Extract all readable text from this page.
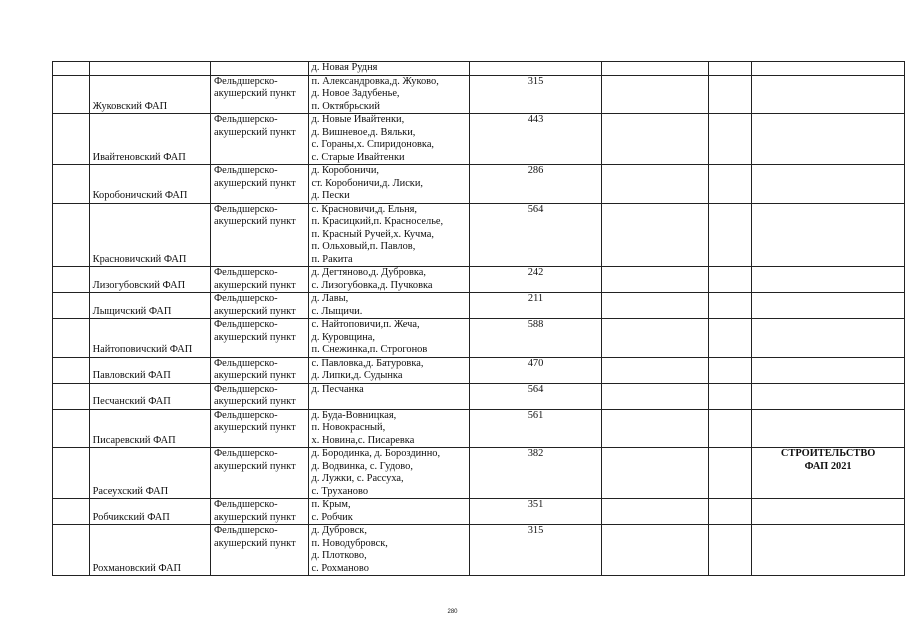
			д. Новая Рудня				

	Жуковский ФАП	Фельдшерско-
акушерский пункт	п. Александровка,д. Жуково,
д. Новое Задубенье,
п. Октябрьский	315			
	Ивайтеновский ФАП	Фельдшерско-
акушерский пункт	д. Новые Ивайтенки,
д. Вишневое,д. Вяльки,
с. Гораны,х. Спиридоновка,
с. Старые Ивайтенки	443			
	Коробоничский ФАП	Фельдшерско-
акушерский пункт	д. Коробоничи,
ст. Коробоничи,д. Лиски,
д. Пески	286			
	Красновичский ФАП	Фельдшерско-
акушерский пункт	с. Красновичи,д. Ельня,
п. Красицкий,п. Красноселье,
п. Красный Ручей,х. Кучма,
п. Ольховый,п. Павлов,
п. Ракита	564			
	Лизогубовский ФАП	Фельдшерско-
акушерский пункт	д. Дегтяново,д. Дубровка,
с. Лизогубовка,д. Пучковка	242			
	Лыщичский ФАП	Фельдшерско-
акушерский пункт	д. Лавы,
с. Лыщичи.	211			
	Найтоповичский ФАП	Фельдшерско-
акушерский пункт	с. Найтоповичи,п. Жеча,
д. Куровщина,
п. Снежинка,п. Строгонов	588			
	Павловский ФАП	Фельдшерско-
акушерский пункт	с. Павловка,д. Батуровка,
д. Липки,д. Судынка	470			
	Песчанский ФАП	Фельдшерско-
акушерский пункт	д. Песчанка	564			
	Писаревский ФАП	Фельдшерско-
акушерский пункт	д. Буда-Вовницкая,
п. Новокрасный,
х. Новина,с. Писаревка	561			
	Расеухский ФАП	Фельдшерско-
акушерский пункт	д. Бородинка, д. Бороздинно,
д. Водвинка, с. Гудово,
д. Лужки, с. Рассуха,
с. Труханово	382			СТРОИТЕЛЬСТВО
ФАП 2021

	Робчикский ФАП	Фельдшерско-
акушерский пункт	п. Крым,
с. Робчик	351			
	Рохмановский ФАП	Фельдшерско-
акушерский пункт	д. Дубровск,
п. Новодубровск,
д. Плотково,
с. Рохманово	315			
280
